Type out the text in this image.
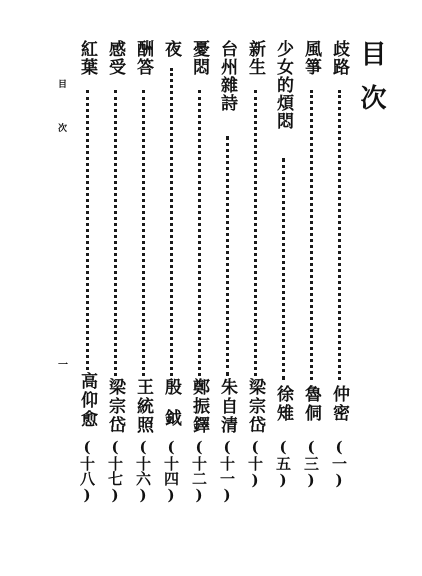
目次
歧路
仲密
(一)
風箏
魯侗
(三)
少女的煩悶
徐雉
(五)
新生
梁宗岱
(十)
台州雜詩
朱自清
(十一)
憂悶
鄭振鐸
(十二)
夜
殷鉞
(十四)
酬答
王統照
(十六)
感受
梁宗岱
(十七)
紅葉
高仰愈
(十八)
目
次
一
